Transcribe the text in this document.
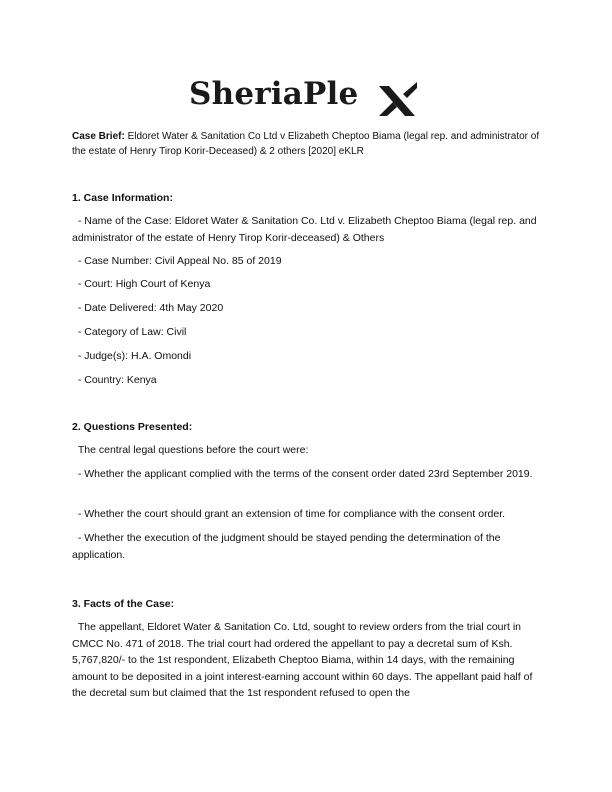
SheriaPle
Case Brief: Eldoret Water & Sanitation Co Ltd v Elizabeth Cheptoo Biama (legal rep. and administrator of the estate of Henry Tirop Korir-Deceased) & 2 others [2020] eKLR
1. Case Information:
- Name of the Case: Eldoret Water & Sanitation Co. Ltd v. Elizabeth Cheptoo Biama (legal rep. and administrator of the estate of Henry Tirop Korir-deceased) & Others
- Case Number: Civil Appeal No. 85 of 2019
- Court: High Court of Kenya
- Date Delivered: 4th May 2020
- Category of Law: Civil
- Judge(s): H.A. Omondi
- Country: Kenya
2. Questions Presented:
The central legal questions before the court were:
- Whether the applicant complied with the terms of the consent order dated 23rd September 2019.
- Whether the court should grant an extension of time for compliance with the consent order.
- Whether the execution of the judgment should be stayed pending the determination of the application.
3. Facts of the Case:
The appellant, Eldoret Water & Sanitation Co. Ltd, sought to review orders from the trial court in CMCC No. 471 of 2018. The trial court had ordered the appellant to pay a decretal sum of Ksh. 5,767,820/- to the 1st respondent, Elizabeth Cheptoo Biama, within 14 days, with the remaining amount to be deposited in a joint interest-earning account within 60 days. The appellant paid half of the decretal sum but claimed that the 1st respondent refused to open the
